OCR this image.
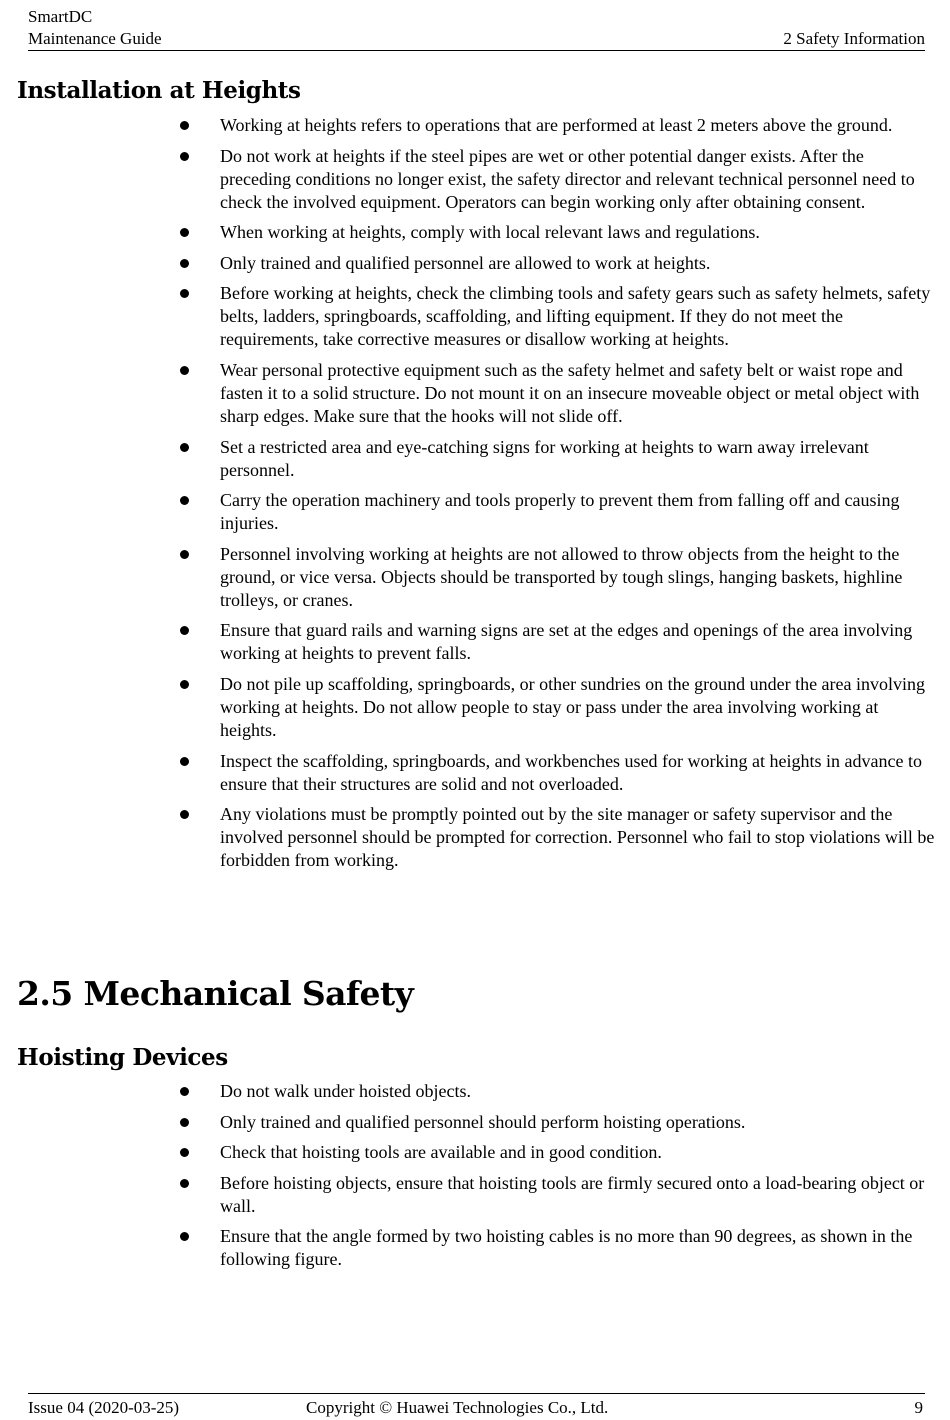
SmartDC
Maintenance Guide	2 Safety Information
Installation at Heights
Working at heights refers to operations that are performed at least 2 meters above the ground.
Do not work at heights if the steel pipes are wet or other potential danger exists. After the preceding conditions no longer exist, the safety director and relevant technical personnel need to check the involved equipment. Operators can begin working only after obtaining consent.
When working at heights, comply with local relevant laws and regulations.
Only trained and qualified personnel are allowed to work at heights.
Before working at heights, check the climbing tools and safety gears such as safety helmets, safety belts, ladders, springboards, scaffolding, and lifting equipment. If they do not meet the requirements, take corrective measures or disallow working at heights.
Wear personal protective equipment such as the safety helmet and safety belt or waist rope and fasten it to a solid structure. Do not mount it on an insecure moveable object or metal object with sharp edges. Make sure that the hooks will not slide off.
Set a restricted area and eye-catching signs for working at heights to warn away irrelevant personnel.
Carry the operation machinery and tools properly to prevent them from falling off and causing injuries.
Personnel involving working at heights are not allowed to throw objects from the height to the ground, or vice versa. Objects should be transported by tough slings, hanging baskets, highline trolleys, or cranes.
Ensure that guard rails and warning signs are set at the edges and openings of the area involving working at heights to prevent falls.
Do not pile up scaffolding, springboards, or other sundries on the ground under the area involving working at heights. Do not allow people to stay or pass under the area involving working at heights.
Inspect the scaffolding, springboards, and workbenches used for working at heights in advance to ensure that their structures are solid and not overloaded.
Any violations must be promptly pointed out by the site manager or safety supervisor and the involved personnel should be prompted for correction. Personnel who fail to stop violations will be forbidden from working.
2.5 Mechanical Safety
Hoisting Devices
Do not walk under hoisted objects.
Only trained and qualified personnel should perform hoisting operations.
Check that hoisting tools are available and in good condition.
Before hoisting objects, ensure that hoisting tools are firmly secured onto a load-bearing object or wall.
Ensure that the angle formed by two hoisting cables is no more than 90 degrees, as shown in the following figure.
Issue 04 (2020-03-25)	Copyright © Huawei Technologies Co., Ltd.	9
